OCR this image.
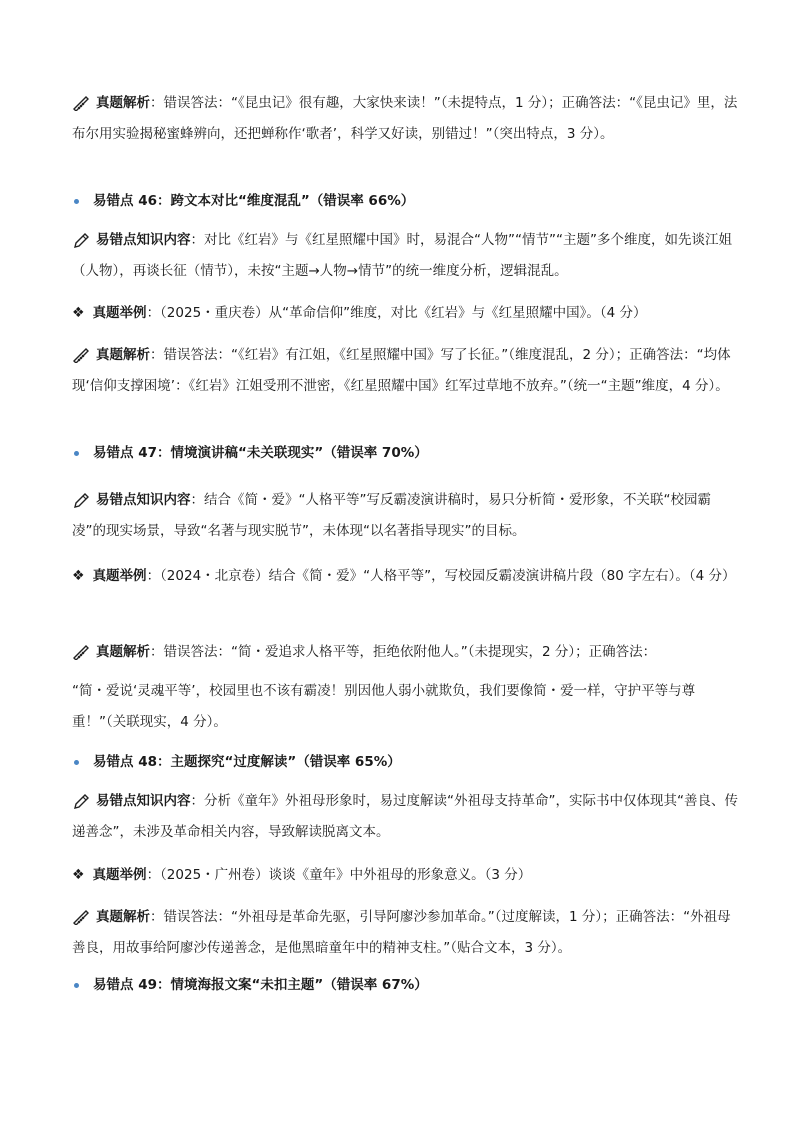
真题解析：错误答法：“《昆虫记》很有趣，大家快来读！”（未提特点，1 分）；正确答法：“《昆虫记》里，法布尔用实验揭秘蜜蜂辨向，还把蝉称作‘歌者’，科学又好读，别错过！”（突出特点，3 分）。
易错点 46：跨文本对比“维度混乱”（错误率 66%）
易错点知识内容：对比《红岩》与《红星照耀中国》时，易混合“人物”“情节”“主题”多个维度，如先谈江姐（人物），再谈长征（情节），未按“主题→人物→情节”的统一维度分析，逻辑混乱。
❖ 真题举例：（2025・重庆卷）从“革命信仰”维度，对比《红岩》与《红星照耀中国》。（4 分）
真题解析：错误答法：“《红岩》有江姐，《红星照耀中国》写了长征。”（维度混乱，2 分）；正确答法：“均体现‘信仰支撑困境’：《红岩》江姐受刑不泄密，《红星照耀中国》红军过草地不放弃。”（统一“主题”维度，4 分）。
易错点 47：情境演讲稿“未关联现实”（错误率 70%）
易错点知识内容：结合《简・爱》“人格平等”写反霸凌演讲稿时，易只分析简・爱形象，不关联“校园霸凌”的现实场景，导致“名著与现实脱节”，未体现“以名著指导现实”的目标。
❖ 真题举例：（2024・北京卷）结合《简・爱》“人格平等”，写校园反霸凌演讲稿片段（80 字左右）。（4 分）
真题解析：错误答法：“简・爱追求人格平等，拒绝依附他人。”（未提现实，2 分）；正确答法：
“简・爱说‘灵魂平等’，校园里也不该有霸凌！别因他人弱小就欺负，我们要像简・爱一样，守护平等与尊重！”（关联现实，4 分）。
易错点 48：主题探究“过度解读”（错误率 65%）
易错点知识内容：分析《童年》外祖母形象时，易过度解读“外祖母支持革命”，实际书中仅体现其“善良、传递善念”，未涉及革命相关内容，导致解读脱离文本。
❖ 真题举例：（2025・广州卷）谈谈《童年》中外祖母的形象意义。（3 分）
真题解析：错误答法：“外祖母是革命先驱，引导阿廖沙参加革命。”（过度解读，1 分）；正确答法：“外祖母善良，用故事给阿廖沙传递善念，是他黑暗童年中的精神支柱。”（贴合文本，3 分）。
易错点 49：情境海报文案“未扣主题”（错误率 67%）
